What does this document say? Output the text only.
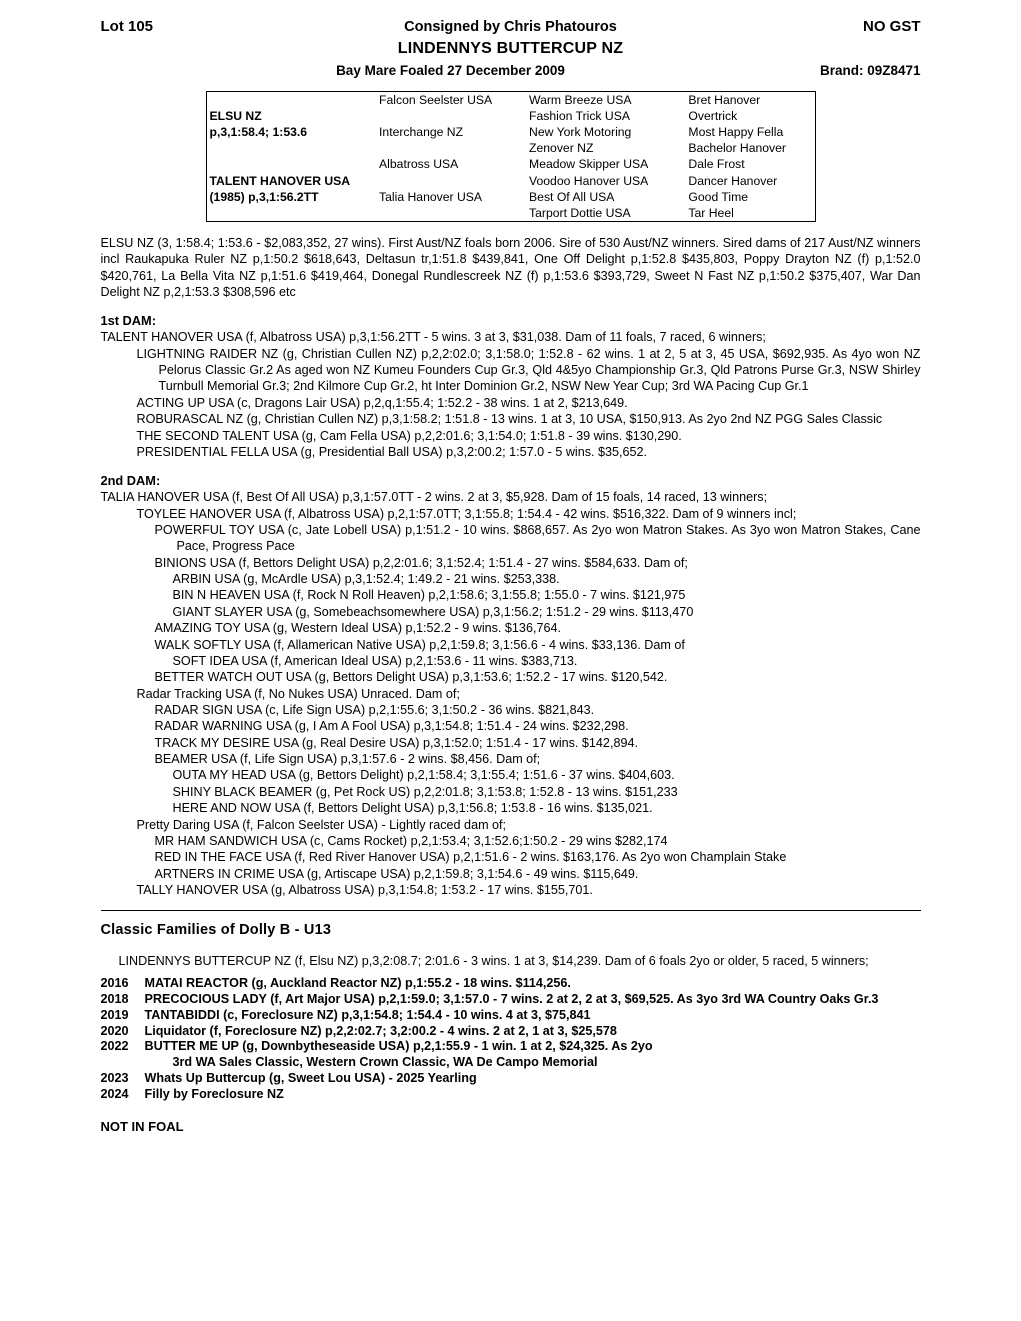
Lot 105	Consigned by Chris Phatouros	NO GST
LINDENNYS BUTTERCUP NZ
Bay Mare Foaled 27 December 2009	Brand: 09Z8471
	Falcon Seelster USA	Warm Breeze USA	Bret Hanover
ELSU NZ		Fashion Trick USA	Overtrick
p,3,1:58.4; 1:53.6	Interchange NZ	New York Motoring	Most Happy Fella
		Zenover NZ	Bachelor Hanover
	Albatross USA	Meadow Skipper USA	Dale Frost
TALENT HANOVER USA		Voodoo Hanover USA	Dancer Hanover
(1985) p,3,1:56.2TT	Talia Hanover USA	Best Of All USA	Good Time
		Tarport Dottie USA	Tar Heel

ELSU NZ (3, 1:58.4; 1:53.6 - $2,083,352, 27 wins). First Aust/NZ foals born 2006. Sire of 530 Aust/NZ winners. Sired dams of 217 Aust/NZ winners incl Raukapuka Ruler NZ p,1:50.2 $618,643, Deltasun tr,1:51.8 $439,841, One Off Delight p,1:52.8 $435,803, Poppy Drayton NZ (f) p,1:52.0 $420,761, La Bella Vita NZ p,1:51.6 $419,464, Donegal Rundlescreek NZ (f) p,1:53.6 $393,729, Sweet N Fast NZ p,1:50.2 $375,407, War Dan Delight NZ p,2,1:53.3 $308,596 etc

1st DAM:

TALENT HANOVER USA (f, Albatross USA) p,3,1:56.2TT - 5 wins. 3 at 3, $31,038. Dam of 11 foals, 7 raced, 6 winners;

LIGHTNING RAIDER NZ (g, Christian Cullen NZ) p,2,2:02.0; 3,1:58.0; 1:52.8 - 62 wins. 1 at 2, 5 at 3, 45 USA, $692,935. As 4yo won NZ Pelorus Classic Gr.2 As aged won NZ Kumeu Founders Cup Gr.3, Qld 4&5yo Championship Gr.3, Qld Patrons Purse Gr.3, NSW Shirley Turnbull Memorial Gr.3; 2nd Kilmore Cup Gr.2, ht Inter Dominion Gr.2, NSW New Year Cup; 3rd WA Pacing Cup Gr.1

ACTING UP USA (c, Dragons Lair USA) p,2,q,1:55.4; 1:52.2 - 38 wins. 1 at 2, $213,649.

ROBURASCAL NZ (g, Christian Cullen NZ) p,3,1:58.2; 1:51.8 - 13 wins. 1 at 3, 10 USA, $150,913. As 2yo 2nd NZ PGG Sales Classic

THE SECOND TALENT USA (g, Cam Fella USA) p,2,2:01.6; 3,1:54.0; 1:51.8 - 39 wins. $130,290.

PRESIDENTIAL FELLA USA (g, Presidential Ball USA) p,3,2:00.2; 1:57.0 - 5 wins. $35,652.

2nd DAM:

TALIA HANOVER USA (f, Best Of All USA) p,3,1:57.0TT - 2 wins. 2 at 3, $5,928. Dam of 15 foals, 14 raced, 13 winners;

TOYLEE HANOVER USA (f, Albatross USA) p,2,1:57.0TT; 3,1:55.8; 1:54.4 - 42 wins. $516,322. Dam of 9 winners incl;

POWERFUL TOY USA (c, Jate Lobell USA) p,1:51.2 - 10 wins. $868,657. As 2yo won Matron Stakes. As 3yo won Matron Stakes, Cane Pace, Progress Pace

BINIONS USA (f, Bettors Delight USA) p,2,2:01.6; 3,1:52.4; 1:51.4 - 27 wins. $584,633. Dam of;

ARBIN USA (g, McArdle USA) p,3,1:52.4; 1:49.2 - 21 wins. $253,338.

BIN N HEAVEN USA (f, Rock N Roll Heaven) p,2,1:58.6; 3,1:55.8; 1:55.0 - 7 wins. $121,975

GIANT SLAYER USA (g, Somebeachsomewhere USA) p,3,1:56.2; 1:51.2 - 29 wins. $113,470

AMAZING TOY USA (g, Western Ideal USA) p,1:52.2 - 9 wins. $136,764.

WALK SOFTLY USA (f, Allamerican Native USA) p,2,1:59.8; 3,1:56.6 - 4 wins. $33,136. Dam of

SOFT IDEA USA (f, American Ideal USA) p,2,1:53.6 - 11 wins. $383,713.

BETTER WATCH OUT USA (g, Bettors Delight USA) p,3,1:53.6; 1:52.2 - 17 wins. $120,542.

Radar Tracking USA (f, No Nukes USA) Unraced. Dam of;

RADAR SIGN USA (c, Life Sign USA) p,2,1:55.6; 3,1:50.2 - 36 wins. $821,843.

RADAR WARNING USA (g, I Am A Fool USA) p,3,1:54.8; 1:51.4 - 24 wins. $232,298.

TRACK MY DESIRE USA (g, Real Desire USA) p,3,1:52.0; 1:51.4 - 17 wins. $142,894.

BEAMER USA (f, Life Sign USA) p,3,1:57.6 - 2 wins. $8,456. Dam of;

OUTA MY HEAD USA (g, Bettors Delight) p,2,1:58.4; 3,1:55.4; 1:51.6 - 37 wins. $404,603.

SHINY BLACK BEAMER (g, Pet Rock US) p,2,2:01.8; 3,1:53.8; 1:52.8 - 13 wins. $151,233

HERE AND NOW USA (f, Bettors Delight USA) p,3,1:56.8; 1:53.8 - 16 wins. $135,021.

Pretty Daring USA (f, Falcon Seelster USA) - Lightly raced dam of;

MR HAM SANDWICH USA (c, Cams Rocket) p,2,1:53.4; 3,1:52.6;1:50.2 - 29 wins $282,174

RED IN THE FACE USA (f, Red River Hanover USA) p,2,1:51.6 - 2 wins. $163,176. As 2yo won Champlain Stake

ARTNERS IN CRIME USA (g, Artiscape USA) p,2,1:59.8; 3,1:54.6 - 49 wins. $115,649.

TALLY HANOVER USA (g, Albatross USA) p,3,1:54.8; 1:53.2 - 17 wins. $155,701.

Classic Families of Dolly B - U13

LINDENNYS BUTTERCUP NZ (f, Elsu NZ) p,3,2:08.7; 2:01.6 - 3 wins. 1 at 3, $14,239. Dam of 6 foals 2yo or older, 5 raced, 5 winners;

2016	MATAI REACTOR (g, Auckland Reactor NZ) p,1:55.2 - 18 wins. $114,256.
2018	PRECOCIOUS LADY (f, Art Major USA) p,2,1:59.0; 3,1:57.0 - 7 wins. 2 at 2, 2 at 3, $69,525. As 3yo 3rd WA Country Oaks Gr.3
2019	TANTABIDDI (c, Foreclosure NZ) p,3,1:54.8; 1:54.4 - 10 wins. 4 at 3, $75,841
2020	Liquidator (f, Foreclosure NZ) p,2,2:02.7; 3,2:00.2 - 4 wins. 2 at 2, 1 at 3, $25,578
2022	BUTTER ME UP (g, Downbytheseaside USA) p,2,1:55.9 - 1 win. 1 at 2, $24,325. As 2yo
3rd WA Sales Classic, Western Crown Classic, WA De Campo Memorial
2023	Whats Up Buttercup (g, Sweet Lou USA) - 2025 Yearling
2024	Filly by Foreclosure NZ

NOT IN FOAL
